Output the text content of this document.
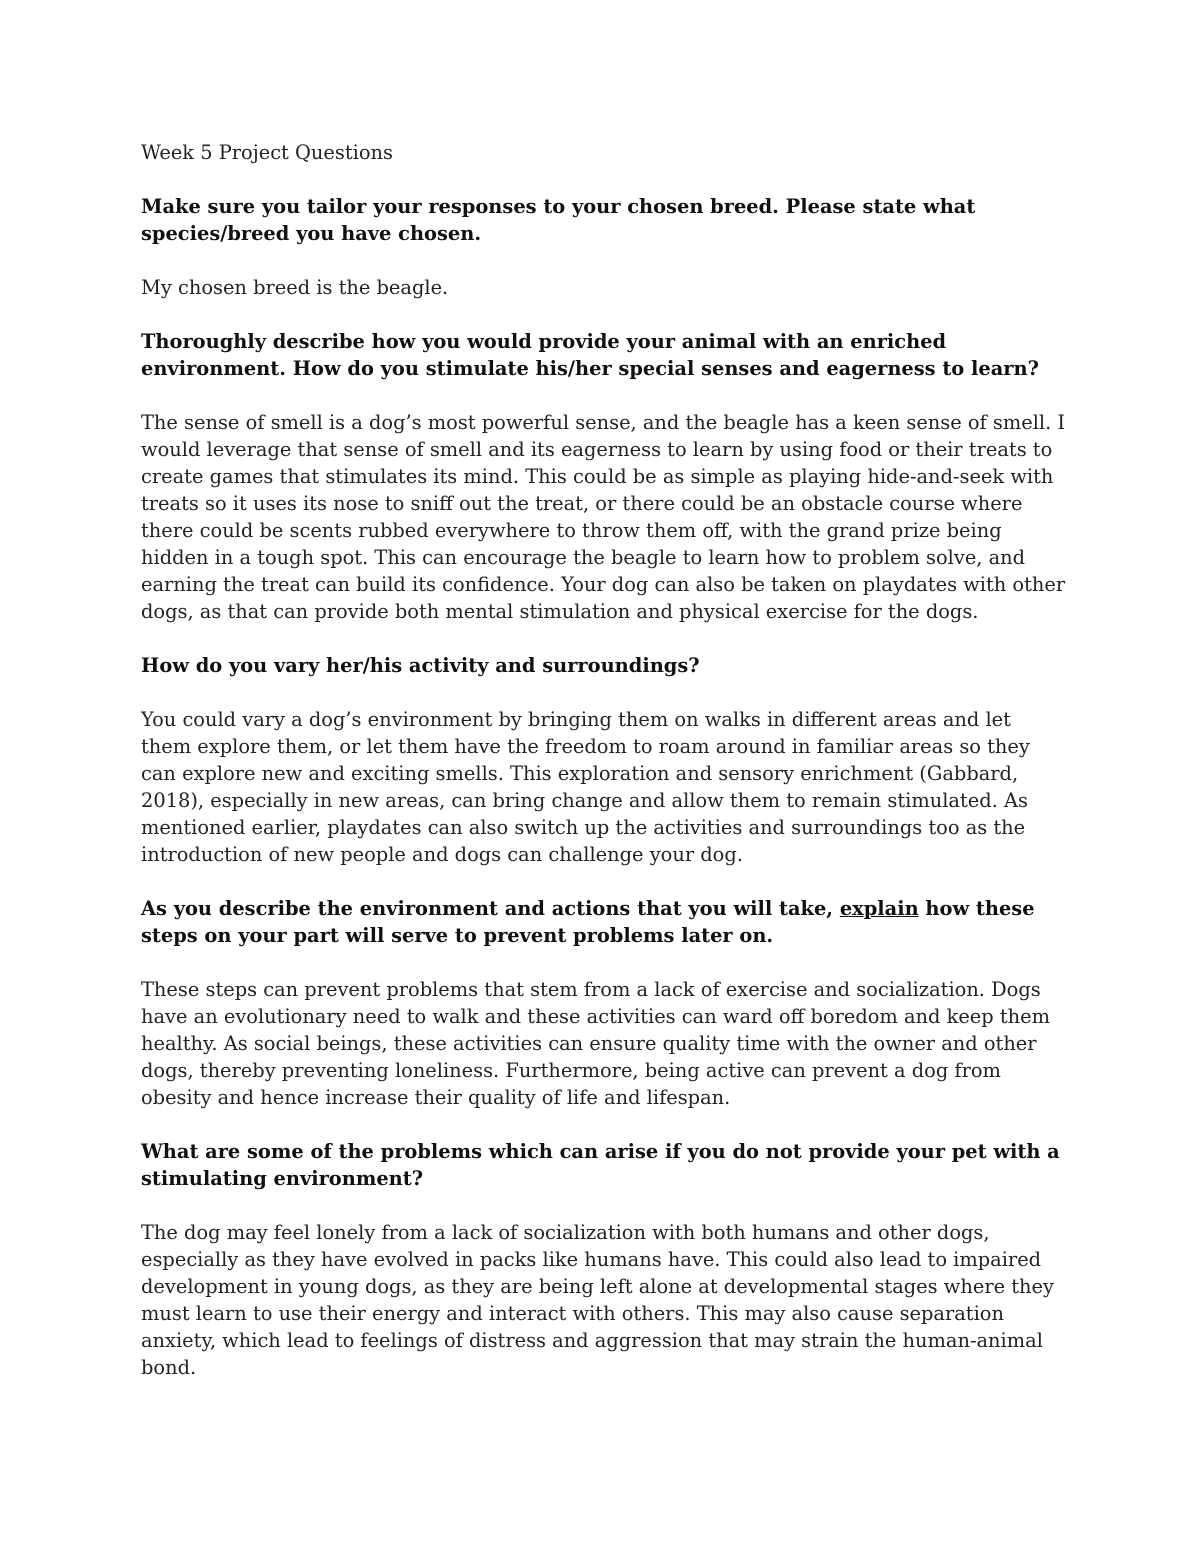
Week 5 Project Questions

Make sure you tailor your responses to your chosen breed. Please state what species/breed you have chosen.

My chosen breed is the beagle.

Thoroughly describe how you would provide your animal with an enriched environment. How do you stimulate his/her special senses and eagerness to learn?

The sense of smell is a dog’s most powerful sense, and the beagle has a keen sense of smell. I would leverage that sense of smell and its eagerness to learn by using food or their treats to create games that stimulates its mind. This could be as simple as playing hide-and-seek with treats so it uses its nose to sniff out the treat, or there could be an obstacle course where there could be scents rubbed everywhere to throw them off, with the grand prize being hidden in a tough spot. This can encourage the beagle to learn how to problem solve, and earning the treat can build its confidence. Your dog can also be taken on playdates with other dogs, as that can provide both mental stimulation and physical exercise for the dogs.

How do you vary her/his activity and surroundings?

You could vary a dog’s environment by bringing them on walks in different areas and let them explore them, or let them have the freedom to roam around in familiar areas so they can explore new and exciting smells. This exploration and sensory enrichment (Gabbard, 2018), especially in new areas, can bring change and allow them to remain stimulated. As mentioned earlier, playdates can also switch up the activities and surroundings too as the introduction of new people and dogs can challenge your dog.

As you describe the environment and actions that you will take, explain how these steps on your part will serve to prevent problems later on.

These steps can prevent problems that stem from a lack of exercise and socialization. Dogs have an evolutionary need to walk and these activities can ward off boredom and keep them healthy. As social beings, these activities can ensure quality time with the owner and other dogs, thereby preventing loneliness. Furthermore, being active can prevent a dog from obesity and hence increase their quality of life and lifespan.

What are some of the problems which can arise if you do not provide your pet with a stimulating environment?

The dog may feel lonely from a lack of socialization with both humans and other dogs, especially as they have evolved in packs like humans have. This could also lead to impaired development in young dogs, as they are being left alone at developmental stages where they must learn to use their energy and interact with others. This may also cause separation anxiety, which lead to feelings of distress and aggression that may strain the human-animal bond.
